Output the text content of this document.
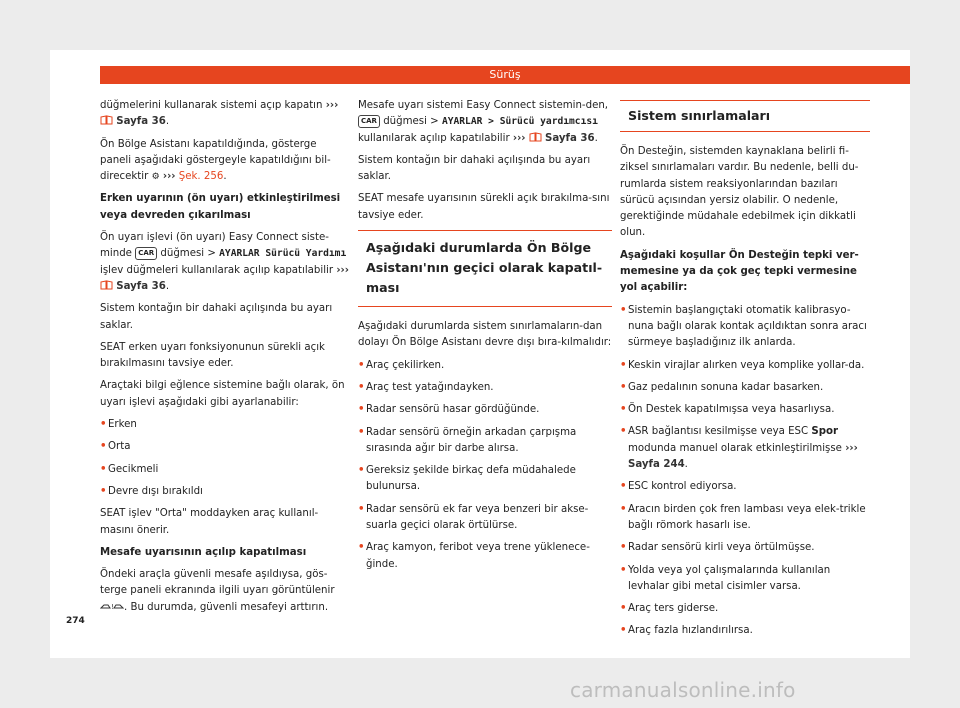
Sürüş

düğmelerini kullanarak sistemi açıp kapatın ›››  Sayfa 36.

Ön Bölge Asistanı kapatıldığında, gösterge paneli aşağıdaki göstergeyle kapatıldığını bil-direcektir ⚙ ››› Şek. 256.

Erken uyarının (ön uyarı) etkinleştirilmesi veya devreden çıkarılması

Ön uyarı işlevi (ön uyarı) Easy Connect siste-minde CAR düğmesi > AYARLAR Sürücü Yardımı işlev düğmeleri kullanılarak açılıp kapatılabilir ›››  Sayfa 36.

Sistem kontağın bir dahaki açılışında bu ayarı saklar.

SEAT erken uyarı fonksiyonunun sürekli açık bırakılmasını tavsiye eder.

Araçtaki bilgi eğlence sistemine bağlı olarak, ön uyarı işlevi aşağıdaki gibi ayarlanabilir:

• Erken
• Orta
• Gecikmeli
• Devre dışı bırakıldı

SEAT işlev "Orta" moddayken araç kullanıl-masını önerir.

Mesafe uyarısının açılıp kapatılması

Öndeki araçla güvenli mesafe aşıldıysa, gös-terge paneli ekranında ilgili uyarı görüntülenir
! . Bu durumda, güvenli mesafeyi arttırın.

Mesafe uyarı sistemi Easy Connect sistemin-den, CAR düğmesi > AYARLAR > Sürücü yardımcısı kullanılarak açılıp kapatılabilir ››› Sayfa 36.

Sistem kontağın bir dahaki açılışında bu ayarı saklar.

SEAT mesafe uyarısının sürekli açık bırakılma-sını tavsiye eder.

Aşağıdaki durumlarda Ön Bölge Asistanı'nın geçici olarak kapatıl-ması

Aşağıdaki durumlarda sistem sınırlamaların-dan dolayı Ön Bölge Asistanı devre dışı bıra-kılmalıdır:

• Araç çekilirken.
• Araç test yatağındayken.
• Radar sensörü hasar gördüğünde.
• Radar sensörü örneğin arkadan çarpışma sırasında ağır bir darbe alırsa.
• Gereksiz şekilde birkaç defa müdahalede bulunursa.
• Radar sensörü ek far veya benzeri bir akse-suarla geçici olarak örtülürse.
• Araç kamyon, feribot veya trene yüklenece-ğinde.
Sistem sınırlamaları

Ön Desteğin, sistemden kaynaklana belirli fi-ziksel sınırlamaları vardır. Bu nedenle, belli du-rumlarda sistem reaksiyonlarından bazıları sürücü açısından yersiz olabilir. O nedenle, gerektiğinde müdahale edebilmek için dikkatli olun.

Aşağıdaki koşullar Ön Desteğin tepki ver-memesine ya da çok geç tepki vermesine yol açabilir:

• Sistemin başlangıçtaki otomatik kalibrasyo-nuna bağlı olarak kontak açıldıktan sonra aracı sürmeye başladığınız ilk anlarda.
• Keskin virajlar alırken veya komplike yollar-da.
• Gaz pedalının sonuna kadar basarken.
• Ön Destek kapatılmışsa veya hasarlıysa.
• ASR bağlantısı kesilmişse veya ESC Spor modunda manuel olarak etkinleştirilmişse ››› Sayfa 244.
• ESC kontrol ediyorsa.
• Aracın birden çok fren lambası veya elek-trikle bağlı römork hasarlı ise.
• Radar sensörü kirli veya örtülmüşse.
• Yolda veya yol çalışmalarında kullanılan levhalar gibi metal cisimler varsa.
• Araç ters giderse.
• Araç fazla hızlandırılırsa.
274
carmanualsonline.info
